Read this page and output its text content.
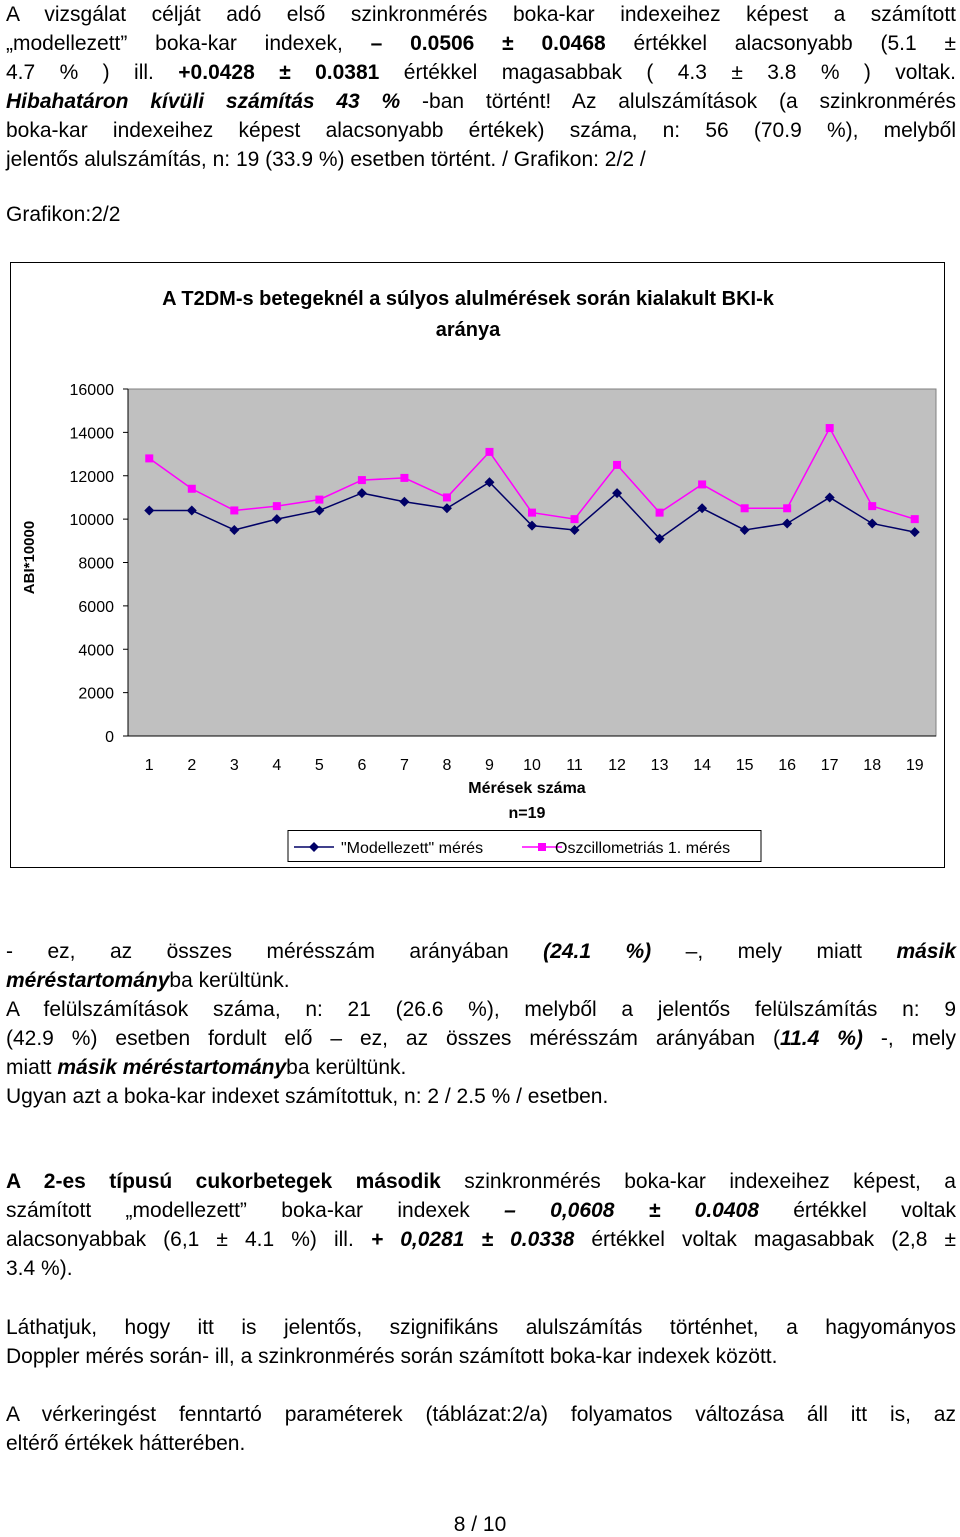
A vizsgálat célját adó első szinkronmérés boka-kar indexeihez képest a számított
„modellezett” boka-kar indexek, – 0.0506 ± 0.0468 értékkel alacsonyabb (5.1 ±
4.7 % ) ill. +0.0428 ± 0.0381 értékkel magasabbak ( 4.3 ± 3.8 % ) voltak.
Hibahatáron kívüli számítás 43 % -ban történt! Az alulszámítások (a szinkronmérés
boka-kar indexeihez képest alacsonyabb értékek) száma, n: 56 (70.9 %), melyből
jelentős alulszámítás, n: 19 (33.9 %) esetben történt. / Grafikon: 2/2 /
Grafikon:2/2
A T2DM-s betegeknél a súlyos alulmérések során kialakult BKI-k
aránya
0
2000
4000
6000
8000
10000
12000
14000
16000
1 2 3 4 5 6 7 8 9 10 11 12 13 14 15 16 17 18 19
ABI*10000
Mérések száma
n=19
"Modellezett" mérés	Oszcillometriás 1. mérés
- ez, az összes mérésszám arányában (24.1 %) –, mely miatt másik
méréstartományba kerültünk.
A felülszámítások száma, n: 21 (26.6 %), melyből a jelentős felülszámítás n: 9
(42.9 %) esetben fordult elő – ez, az összes mérésszám arányában (11.4 %) -, mely
miatt másik méréstartományba kerültünk.
Ugyan azt a boka-kar indexet számítottuk, n: 2 / 2.5 % / esetben.
A 2-es típusú cukorbetegek második szinkronmérés boka-kar indexeihez képest, a
számított „modellezett” boka-kar indexek – 0,0608 ± 0.0408 értékkel voltak
alacsonyabbak (6,1 ± 4.1 %) ill. + 0,0281 ± 0.0338 értékkel voltak magasabbak (2,8 ±
3.4 %).
Láthatjuk, hogy itt is jelentős, szignifikáns alulszámítás történhet, a hagyományos
Doppler mérés során- ill, a szinkronmérés során számított boka-kar indexek között.
A vérkeringést fenntartó paraméterek (táblázat:2/a) folyamatos változása áll itt is, az
eltérő értékek hátterében.
8 / 10
